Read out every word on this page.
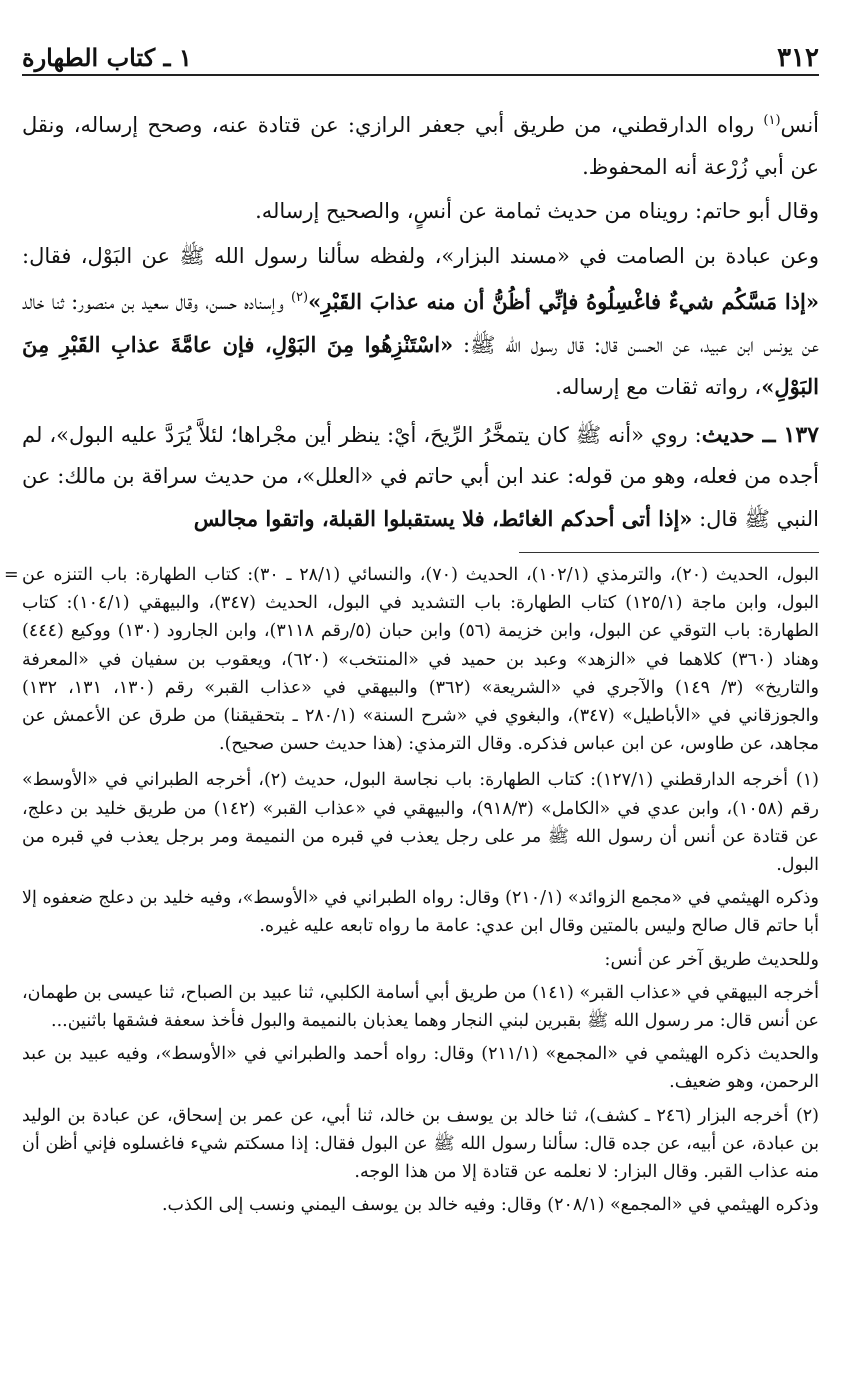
٣١٢
١ ـ كتاب الطهارة

أنس$^{(١)}$ رواه الدارقطني، من طريق أبي جعفر الرازي: عن قتادة عنه، وصحح إرساله، ونقل عن أبي زُرْعة أنه المحفوظ.

وقال أبو حاتم: رويناه من حديث ثمامة عن أنسٍ، والصحيح إرساله.

وعن عبادة بن الصامت في «مسند البزار»، ولفظه سألنا رسول الله ﷺ عن البَوْل، فقال: «إذا مَسَّكُم شيءٌ فاغْسِلُوهُ فإنِّي أظُنُّ أن منه عذابَ القَبْرِ»$^{(٢)}$ وإسناده حسن، وقال سعيد بن منصور: ثنا خالد عن يونس ابن عبيد، عن الحسن قال: قال رسول الله ﷺ: «اسْتَنْزِهُوا مِنَ البَوْلِ، فإن عامَّةَ عذابِ القَبْرِ مِنَ البَوْلِ»، رواته ثقات مع إرساله.

١٣٧ ــ حديث: روي «أنه ﷺ كان يتمخَّرُ الرِّيحَ، أيْ: ينظر أين مجْراها؛ لئلاَّ يُرَدَّ عليه البول»، لم أجده من فعله، وهو من قوله: عند ابن أبي حاتم في «العلل»، من حديث سراقة بن مالك: عن النبي ﷺ قال: «إذا أتى أحدكم الغائط، فلا يستقبلوا القبلة، واتقوا مجالس

= البول، الحديث (٢٠)، والترمذي (١٠٢/١)، الحديث (٧٠)، والنسائي (٢٨/١ ـ ٣٠): كتاب الطهارة: باب التنزه عن البول، وابن ماجة (١٢٥/١) كتاب الطهارة: باب التشديد في البول، الحديث (٣٤٧)، والبيهقي (١٠٤/١): كتاب الطهارة: باب التوقي عن البول، وابن خزيمة (٥٦) وابن حبان (٥/رقم ٣١١٨)، وابن الجارود (١٣٠) ووكيع (٤٤٤) وهناد (٣٦٠) كلاهما في «الزهد» وعبد بن حميد في «المنتخب» (٦٢٠)، ويعقوب بن سفيان في «المعرفة والتاريخ» (٣/ ١٤٩) والآجري في «الشريعة» (٣٦٢) والبيهقي في «عذاب القبر» رقم (١٣٠، ١٣١، ١٣٢) والجوزقاني في «الأباطيل» (٣٤٧)، والبغوي في «شرح السنة» (٢٨٠/١ ـ بتحقيقنا) من طرق عن الأعمش عن مجاهد، عن طاوس، عن ابن عباس فذكره. وقال الترمذي: (هذا حديث حسن صحيح).

(١) أخرجه الدارقطني (١٢٧/١): كتاب الطهارة: باب نجاسة البول، حديث (٢)، أخرجه الطبراني في «الأوسط» رقم (١٠٥٨)، وابن عدي في «الكامل» (٩١٨/٣)، والبيهقي في «عذاب القبر» (١٤٢) من طريق خليد بن دعلج، عن قتادة عن أنس أن رسول الله ﷺ مر على رجل يعذب في قبره من النميمة ومر برجل يعذب في قبره من البول.

وذكره الهيثمي في «مجمع الزوائد» (٢١٠/١) وقال: رواه الطبراني في «الأوسط»، وفيه خليد بن دعلج ضعفوه إلا أبا حاتم قال صالح وليس بالمتين وقال ابن عدي: عامة ما رواه تابعه عليه غيره.

وللحديث طريق آخر عن أنس:

أخرجه البيهقي في «عذاب القبر» (١٤١) من طريق أبي أسامة الكلبي، ثنا عبيد بن الصباح، ثنا عيسى بن طهمان، عن أنس قال: مر رسول الله ﷺ بقبرين لبني النجار وهما يعذبان بالنميمة والبول فأخذ سعفة فشقها باثنين...

والحديث ذكره الهيثمي في «المجمع» (٢١١/١) وقال: رواه أحمد والطبراني في «الأوسط»، وفيه عبيد بن عبد الرحمن، وهو ضعيف.

(٢) أخرجه البزار (٢٤٦ ـ كشف)، ثنا خالد بن يوسف بن خالد، ثنا أبي، عن عمر بن إسحاق، عن عبادة بن الوليد بن عبادة، عن أبيه، عن جده قال: سألنا رسول الله ﷺ عن البول فقال: إذا مسكتم شيء فاغسلوه فإني أظن أن منه عذاب القبر. وقال البزار: لا نعلمه عن قتادة إلا من هذا الوجه.

وذكره الهيثمي في «المجمع» (٢٠٨/١) وقال: وفيه خالد بن يوسف اليمني ونسب إلى الكذب.
